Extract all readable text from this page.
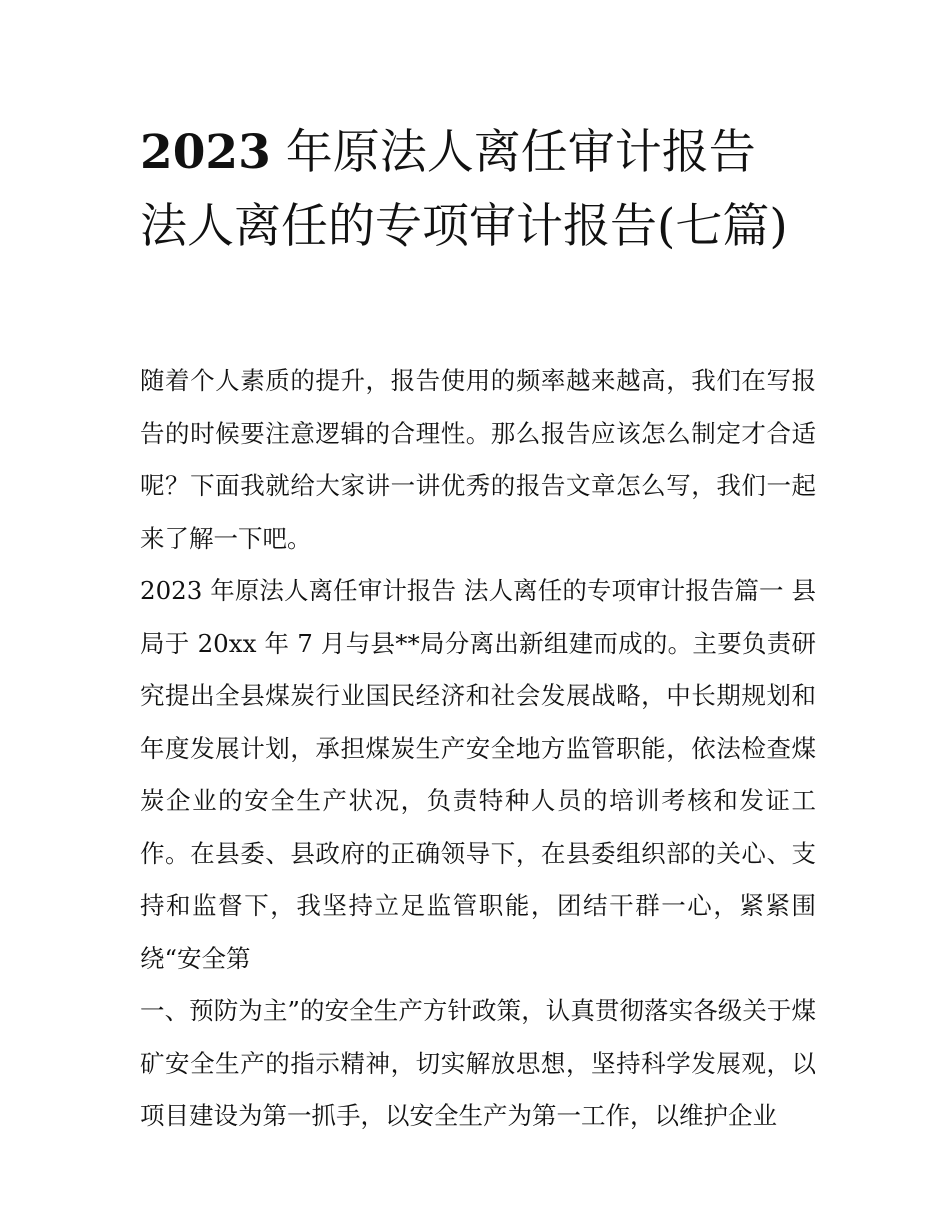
2023 年原法人离任审计报告
法人离任的专项审计报告(七篇)

随着个人素质的提升，报告使用的频率越来越高，我们在写报告的时候要注意逻辑的合理性。那么报告应该怎么制定才合适呢？下面我就给大家讲一讲优秀的报告文章怎么写，我们一起来了解一下吧。

2023 年原法人离任审计报告 法人离任的专项审计报告篇一 县局于 20xx 年 7 月与县**局分离出新组建而成的。主要负责研究提出全县煤炭行业国民经济和社会发展战略，中长期规划和年度发展计划，承担煤炭生产安全地方监管职能，依法检查煤炭企业的安全生产状况，负责特种人员的培训考核和发证工作。在县委、县政府的正确领导下，在县委组织部的关心、支持和监督下，我坚持立足监管职能，团结干群一心，紧紧围绕“安全第

一、预防为主”的安全生产方针政策，认真贯彻落实各级关于煤矿安全生产的指示精神，切实解放思想，坚持科学发展观，以项目建设为第一抓手，以安全生产为第一工作，以维护企业
